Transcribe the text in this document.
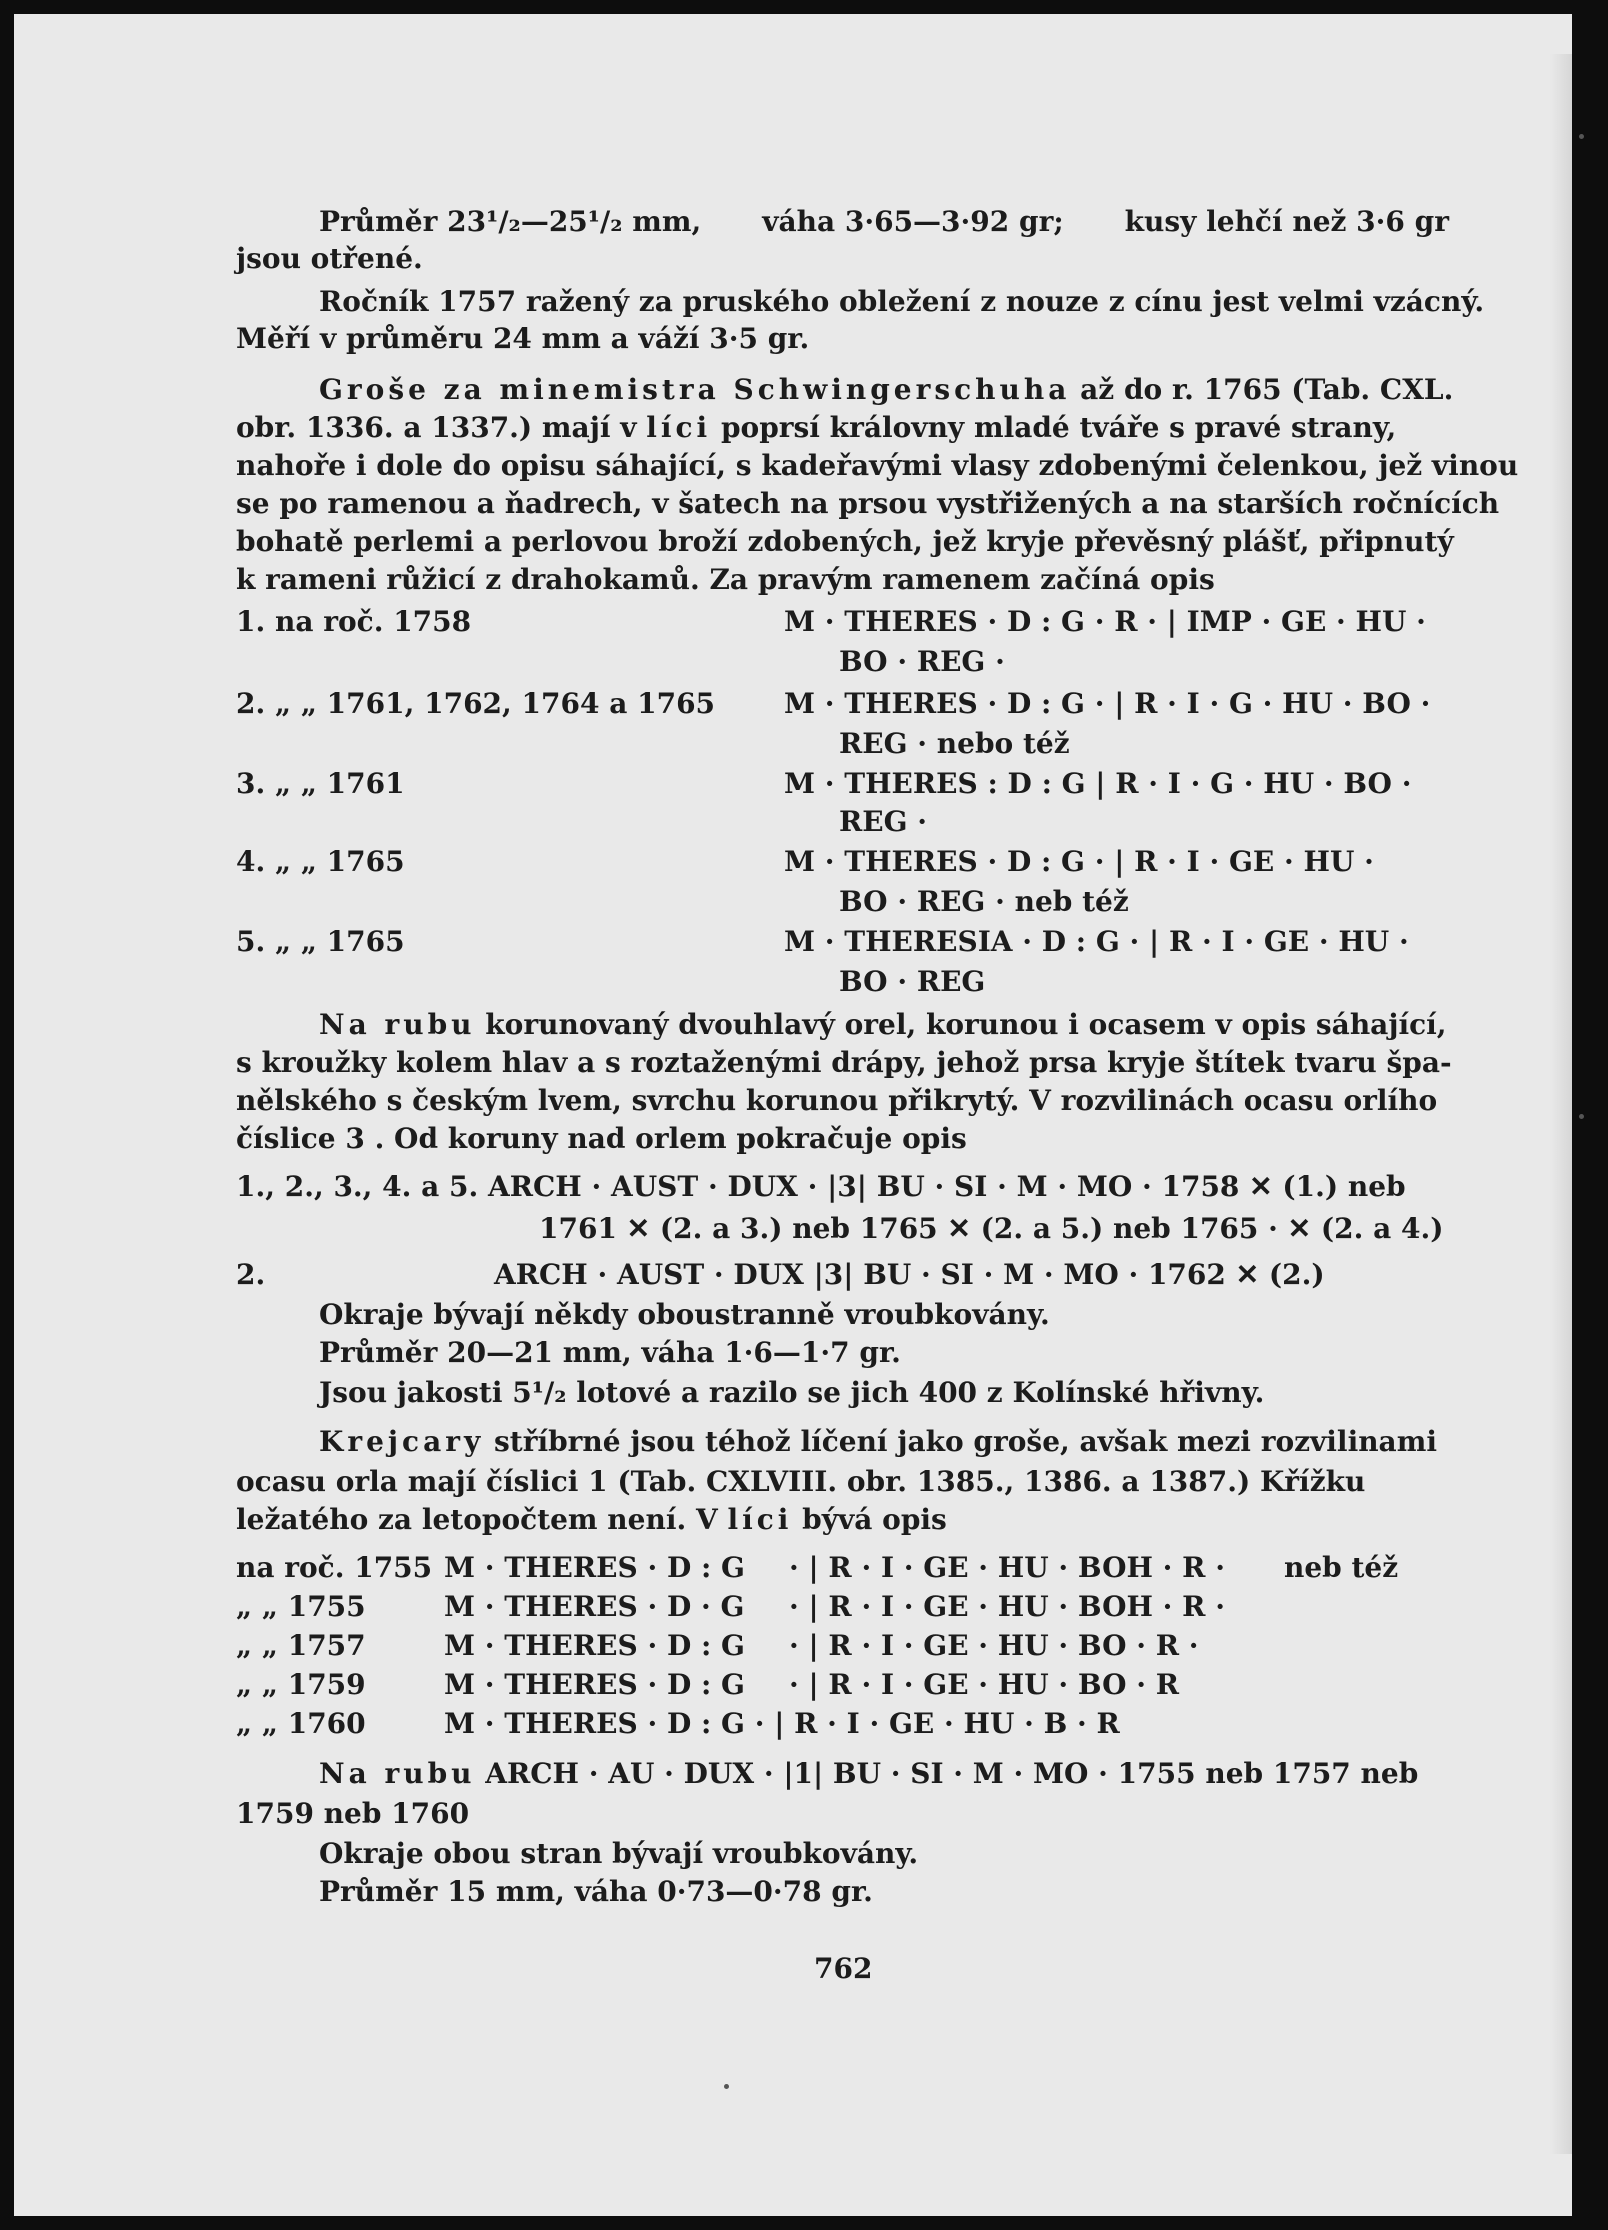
Průměr 23¹/₂—25¹/₂ mm, váha 3·65—3·92 gr; kusy lehčí než 3·6 gr
jsou otřené.
Ročník 1757 ražený za pruského obležení z nouze z cínu jest velmi vzácný.
Měří v průměru 24 mm a váží 3·5 gr.
Groše za minemistra Schwingerschuha až do r. 1765 (Tab. CXL.
obr. 1336. a 1337.) mají v líci poprsí královny mladé tváře s pravé strany,
nahoře i dole do opisu sáhající, s kadeřavými vlasy zdobenými čelenkou, jež vinou
se po ramenou a ňadrech, v šatech na prsou vystřižených a na starších ročnících
bohatě perlemi a perlovou broží zdobených, jež kryje převěsný plášť, připnutý
k rameni růžicí z drahokamů. Za pravým ramenem začíná opis
1. na roč. 1758	M · THERES · D : G · R · | IMP · GE · HU ·
BO · REG ·
2. „ „ 1761, 1762, 1764 a 1765 M · THERES · D : G · | R · I · G · HU · BO ·
REG · nebo též
3. „ „ 1761	M · THERES : D : G | R · I · G · HU · BO ·
REG ·
4. „ „ 1765	M · THERES · D : G · | R · I · GE · HU ·
BO · REG · neb též
5. „ „ 1765	M · THERESIA · D : G · | R · I · GE · HU ·
BO · REG
Na rubu korunovaný dvouhlavý orel, korunou i ocasem v opis sáhající,
s kroužky kolem hlav a s roztaženými drápy, jehož prsa kryje štítek tvaru špa-
nělského s českým lvem, svrchu korunou přikrytý. V rozvilinách ocasu orlího
číslice 3 . Od koruny nad orlem pokračuje opis
1., 2., 3., 4. a 5. ARCH · AUST · DUX · |3| BU · SI · M · MO · 1758 ✕ (1.) neb
1761 ✕ (2. a 3.) neb 1765 ✕ (2. a 5.) neb 1765 · ✕ (2. a 4.)
2.	ARCH · AUST · DUX |3| BU · SI · M · MO · 1762 ✕ (2.)
Okraje bývají někdy oboustranně vroubkovány.
Průměr 20—21 mm, váha 1·6—1·7 gr.
Jsou jakosti 5¹/₂ lotové a razilo se jich 400 z Kolínské hřivny.
Krejcary stříbrné jsou téhož líčení jako groše, avšak mezi rozvilinami
ocasu orla mají číslici 1 (Tab. CXLVIII. obr. 1385., 1386. a 1387.) Křížku
ležatého za letopočtem není. V líci bývá opis
na roč. 1755 M · THERES · D : G · | R · I · GE · HU · BOH · R · neb též
„ „ 1755	M · THERES · D · G · | R · I · GE · HU · BOH · R ·
„ „ 1757	M · THERES · D : G · | R · I · GE · HU · BO · R ·
„ „ 1759	M · THERES · D : G · | R · I · GE · HU · BO · R
„ „ 1760	M · THERES · D : G · | R · I · GE · HU · B · R
Na rubu ARCH · AU · DUX · |1| BU · SI · M · MO · 1755 neb 1757 neb
1759 neb 1760
Okraje obou stran bývají vroubkovány.
Průměr 15 mm, váha 0·73—0·78 gr.
762
